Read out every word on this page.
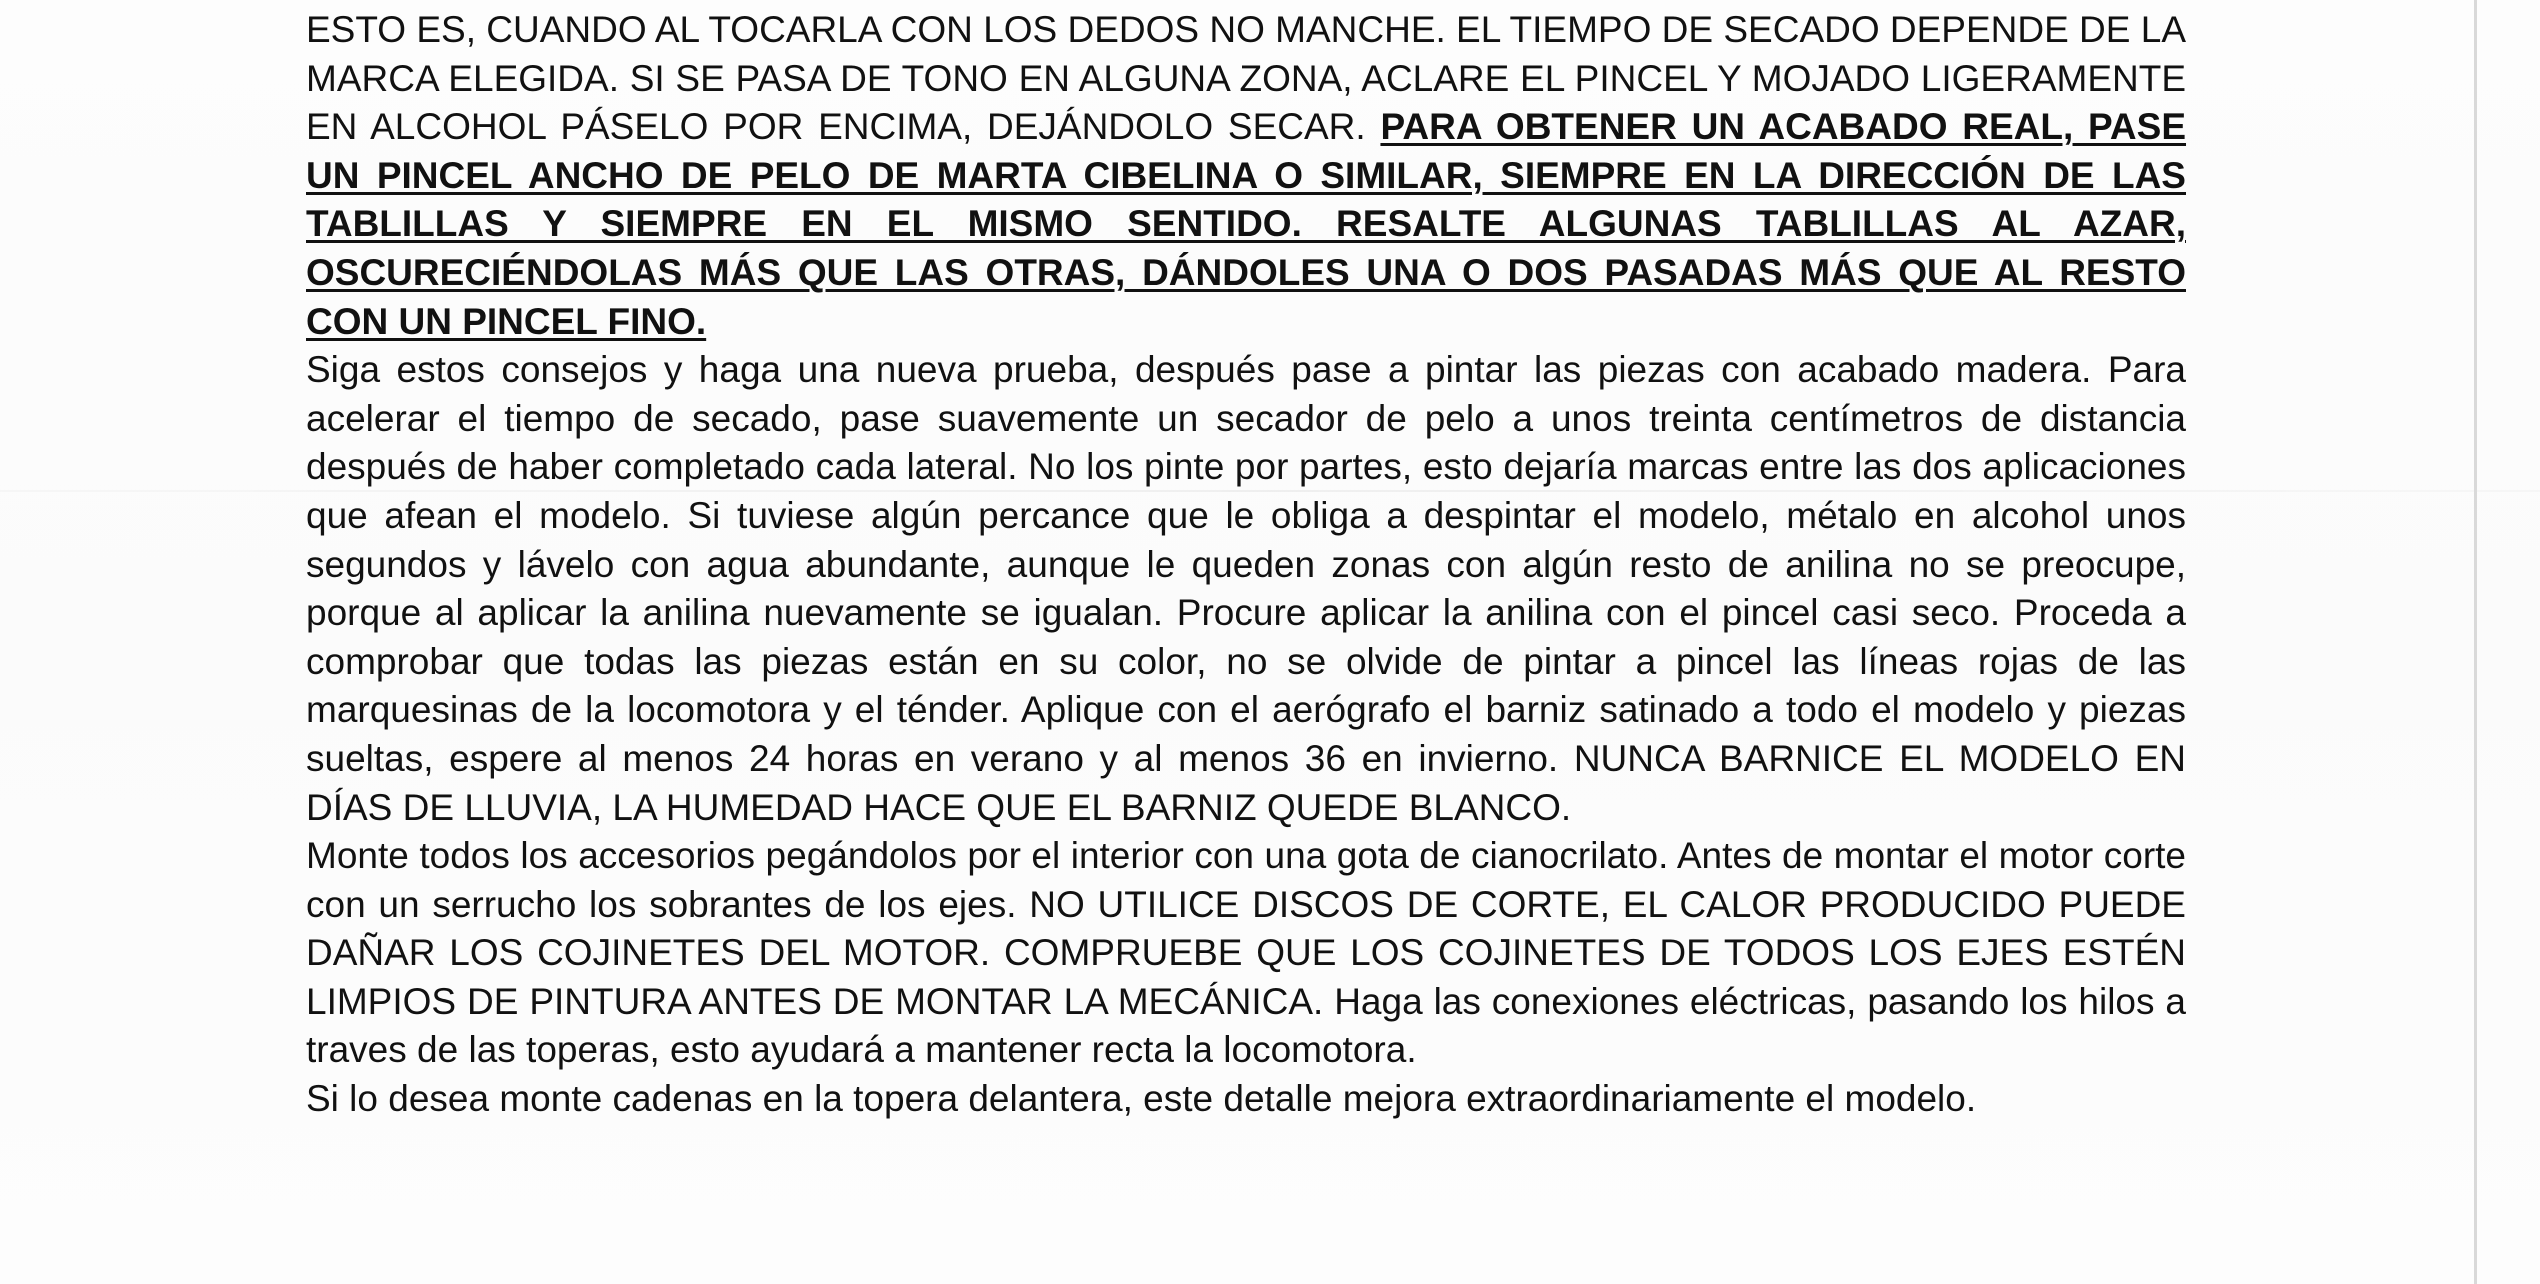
ESTO ES, CUANDO AL TOCARLA CON LOS DEDOS NO MANCHE. EL TIEMPO DE SECADO DEPENDE DE LA MARCA ELEGIDA. SI SE PASA DE TONO EN ALGUNA ZONA, ACLARE EL PINCEL Y MOJADO LIGERAMENTE EN ALCOHOL PÁSELO POR ENCIMA, DEJÁNDOLO SECAR. PARA OBTENER UN ACABADO REAL, PASE UN PINCEL ANCHO DE PELO DE MARTA CIBELINA O SIMILAR, SIEMPRE EN LA DIRECCIÓN DE LAS TABLILLAS Y SIEMPRE EN EL MISMO SENTIDO. RESALTE ALGUNAS TABLILLAS AL AZAR, OSCURECIÉNDOLAS MÁS QUE LAS OTRAS, DÁNDOLES UNA O DOS PASADAS MÁS QUE AL RESTO CON UN PINCEL FINO.

Siga estos consejos y haga una nueva prueba, después pase a pintar las piezas con acabado madera. Para acelerar el tiempo de secado, pase suavemente un secador de pelo a unos treinta centímetros de distancia después de haber completado cada lateral. No los pinte por partes, esto dejaría marcas entre las dos aplicaciones que afean el modelo. Si tuviese algún percance que le obliga a despintar el modelo, métalo en alcohol unos segundos y lávelo con agua abundante, aunque le queden zonas con algún resto de anilina no se preocupe, porque al aplicar la anilina nuevamente se igualan. Procure aplicar la anilina con el pincel casi seco. Proceda a comprobar que todas las piezas están en su color, no se olvide de pintar a pincel las líneas rojas de las marquesinas de la locomotora y el ténder. Aplique con el aerógrafo el barniz satinado a todo el modelo y piezas sueltas, espere al menos 24 horas en verano y al menos 36 en invierno. NUNCA BARNICE EL MODELO EN DÍAS DE LLUVIA, LA HUMEDAD HACE QUE EL BARNIZ QUEDE BLANCO.

Monte todos los accesorios pegándolos por el interior con una gota de cianocrilato. Antes de montar el motor corte con un serrucho los sobrantes de los ejes. NO UTILICE DISCOS DE CORTE, EL CALOR PRODUCIDO PUEDE DAÑAR LOS COJINETES DEL MOTOR. COMPRUEBE QUE LOS COJINETES DE TODOS LOS EJES ESTÉN LIMPIOS DE PINTURA ANTES DE MONTAR LA MECÁNICA. Haga las conexiones eléctricas, pasando los hilos a traves de las toperas, esto ayudará a mantener recta la locomotora.

Si lo desea monte cadenas en la topera delantera, este detalle mejora extraordinariamente el modelo.
